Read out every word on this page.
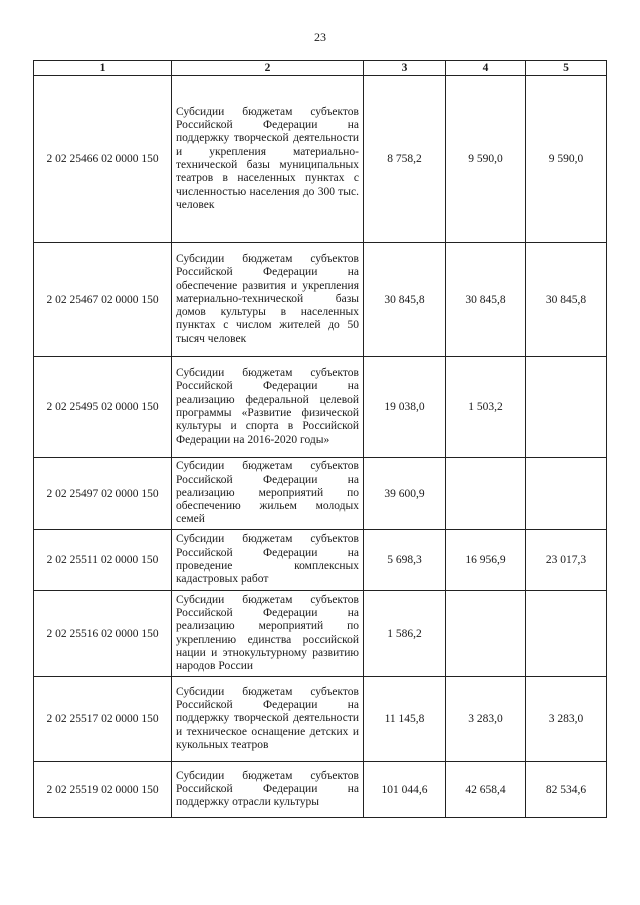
23
1	2	3	4	5
2 02 25466 02 0000 150	Субсидии бюджетам субъектов Российской Федерации на поддержку творческой деятельности и укрепления материально-технической базы муниципальных театров в населенных пунктах с численностью населения до 300 тыс. человек	8 758,2	9 590,0	9 590,0
2 02 25467 02 0000 150	Субсидии бюджетам субъектов Российской Федерации на обеспечение развития и укрепления материально-технической базы домов культуры в населенных пунктах с числом жителей до 50 тысяч человек	30 845,8	30 845,8	30 845,8
2 02 25495 02 0000 150	Субсидии бюджетам субъектов Российской Федерации на реализацию федеральной целевой программы «Развитие физической культуры и спорта в Российской Федерации на 2016-2020 годы»	19 038,0	1 503,2	
2 02 25497 02 0000 150	Субсидии бюджетам субъектов Российской Федерации на реализацию мероприятий по обеспечению жильем молодых семей	39 600,9		
2 02 25511 02 0000 150	Субсидии бюджетам субъектов Российской Федерации на проведение комплексных кадастровых работ	5 698,3	16 956,9	23 017,3
2 02 25516 02 0000 150	Субсидии бюджетам субъектов Российской Федерации на реализацию мероприятий по укреплению единства российской нации и этнокультурному развитию народов России	1 586,2		
2 02 25517 02 0000 150	Субсидии бюджетам субъектов Российской Федерации на поддержку творческой деятельности и техническое оснащение детских и кукольных театров	11 145,8	3 283,0	3 283,0
2 02 25519 02 0000 150	Субсидии бюджетам субъектов Российской Федерации на поддержку отрасли культуры	101 044,6	42 658,4	82 534,6
